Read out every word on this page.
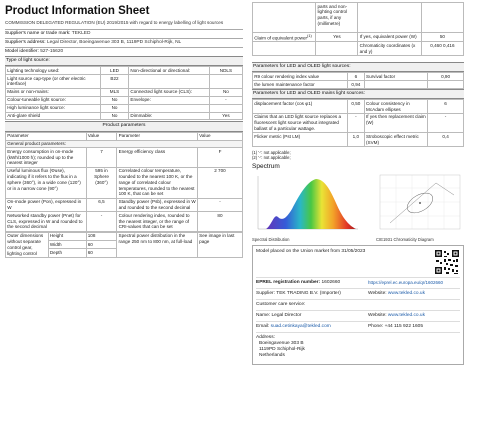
Product Information Sheet
COMMISSION DELEGATED REGULATION (EU) 2019/2015 with regard to energy labelling of light sources
Supplier's name or trade mark:
TEKLED
Supplier's address:
Legal Director, Boeingavenue 303 B, 1119PD Schiphol-Rijk, NL
Model identifier:
527-15620
Type of light source:
Lighting technology used:	LED	Non-directional or directional:	NDLS
Light source cap-type (or other electric interface)	B22		
Mains or non-mains:	MLS	Connected light source (CLS):	No
Colour-tuneable light source:	No	Envelope:	-
High luminance light source:	No		
Anti-glare shield	No	Dimmable:	Yes
Product parameters
Parameter	Value	Parameter	Value
General product parameters:			
Energy consumption in on-mode (kWh/1000 h); rounded up to the nearest integer	7	Energy efficiency class	F
Useful luminous flux (Φuse), indicating if it refers to the flux in a sphere (360°), in a wide cone (120°) or in a narrow cone (90°)	595 in Sphere (360°)	Correlated colour temperature, rounded to the nearest 100 K, or the range of correlated colour temperatures, rounded to the nearest 100 K, that can be set	2 700
On-mode power (Pon), expressed in W	6,5	Standby power (Psb), expressed in W and rounded to the second decimal	-
Networked standby power (Pnet) for CLS, expressed in W and rounded to the second decimal	-	Colour rendering index, rounded to the nearest integer, or the range of CRI-values that can be set	80
Outer dimensions without separate control gear, lighting control	Height	108	Spectral power distribution in the range 250 nm to 800 nm, at full-load	See image in last page
	Width	60		
	Depth	60		
	parts and non-lighting control parts, if any (millimetre)		
Claim of equivalent power$^{(1)}$	Yes	If yes, equivalent power (W)	50
		Chromaticity coordinates (x and y)	0,460 0,416
Parameters for LED and OLED light sources:
R9 colour rendering index value	6	Survival factor	0,90
the lumen maintenance factor	0,94		
Parameters for LED and OLED mains light sources:
displacement factor (cos φ1)	0,50	Colour consistency in McAdam ellipses	6
Claims that an LED light source replaces a fluorescent light source without integrated ballast of a particular wattage.	-	If yes then replacement claim (W)	-
Flicker metric (Pst LM)	1,0	Stroboscopic effect metric (SVM)	0,4
(1) '-': not applicable;
(2) '-': not applicable;
Spectrum
Spectral Distribution	CIE1931 Chromaticity Diagram
Model placed on the Union market from 31/05/2023
EPREL registration number: 1602660	https://eprel.ec.europa.eu/qr/1602660
Supplier: TEK TRADING B.V. (Importer)	Website: www.tekled.co.uk
Customer care service:
Name: Legal Director	Website: www.tekled.co.uk
Email: suad.cetinkaya@tekled.com	Phone: +44 115 922 1605
Address:
Boeingavenue 303 B
1119PD Schiphol-Rijk
Netherlands
